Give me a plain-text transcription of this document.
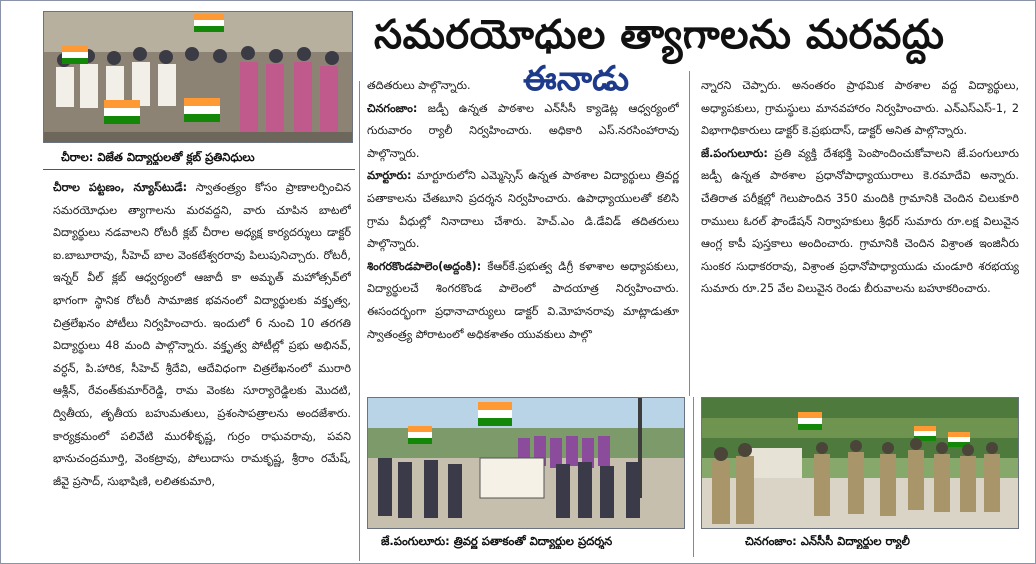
చీరాల: విజేత విద్యార్థులతో క్లబ్ ప్రతినిధులు
సమరయోధుల త్యాగాలను మరవద్దు
ఈనాడు

చీరాల పట్టణం, న్యూస్‌టుడే: స్వాతంత్ర్యం కోసం ప్రాణాలర్పించిన సమరయోధుల త్యాగాలను మరవద్దని, వారు చూపిన బాటలో విద్యార్థులు నడవాలని రోటరీ క్లబ్ చీరాల అధ్యక్ష కార్యదర్శులు డాక్టర్ ఐ.బాబూరావు, సీహెచ్ బాల వెంకటేశ్వరరావు పిలుపునిచ్చారు. రోటరీ, ఇన్నర్ వీల్ క్లబ్ ఆధ్వర్యంలో ఆజాదీ కా అమృత్ మహోత్సవ్‌లో భాగంగా స్థానిక రోటరీ సామాజిక భవనంలో విద్యార్థులకు వక్తృత్వ, చిత్రలేఖనం పోటీలు నిర్వహించారు. ఇందులో 6 నుంచి 10 తరగతి విద్యార్థులు 48 మంది పాల్గొన్నారు. వక్తృత్వ పోటీల్లో ప్రభు అభినవ్, వర్ధన్, పి.హారిక, సీహెచ్ శ్రీదేవి, ఆదేవిధంగా చిత్రలేఖనంలో మురారి ఆశ్లీన్, రేవంత్‌కుమార్‌రెడ్డి, రామ వెంకట సూర్యారెడ్డిలకు మొదటి, ద్వితీయ, తృతీయ బహుమతులు, ప్రశంసాపత్రాలను అందజేశారు. కార్యక్రమంలో పలివేటి మురళీకృష్ణ, గుర్రం రాఘవరావు, పవని భానుచంద్రమూర్తి, వెంకట్రావు, పోలుదాసు రామకృష్ణ, శ్రీరాం రమేష్, జీవై ప్రసాద్, సుభాషిణి, లలితకుమారి,

తదితరులు పాల్గొన్నారు.

చినగంజాం: జడ్పీ ఉన్నత పాఠశాల ఎన్‌సీసీ క్యాడెట్ల ఆధ్వర్యంలో గురువారం ర్యాలీ నిర్వహించారు. అధికారి ఎస్.నరసింహారావు పాల్గొన్నారు.

మార్టూరు: మార్టూరులోని ఎమ్మెస్సెస్ ఉన్నత పాఠశాల విద్యార్థులు త్రివర్ణ పతాకాలను చేతబూని ప్రదర్శన నిర్వహించారు. ఉపాధ్యాయులతో కలిసి గ్రామ వీధుల్లో నినాదాలు చేశారు. హెచ్.ఎం డి.డేవిడ్ తదితరులు పాల్గొన్నారు.

శింగరకొండపాలెం(అద్దంకి): కేఆర్‌కే.ప్రభుత్వ డిగ్రీ కళాశాల అధ్యాపకులు, విద్యార్థులచే శింగరకొండ పాలెంలో పాదయాత్ర నిర్వహించారు. ఈసందర్భంగా ప్రధానాచార్యులు డాక్టర్ వి.మోహనరావు మాట్లాడుతూ స్వాతంత్ర్య పోరాటంలో అధికశాతం యువకులు పాల్గొ

న్నారని చెప్పారు. అనంతరం ప్రాథమిక పాఠశాల వద్ద విద్యార్థులు, అధ్యాపకులు, గ్రామస్థులు మానవహారం నిర్వహించారు. ఎన్ఎస్ఎస్-1, 2 విభాగాధికారులు డాక్టర్ కె.ప్రభుదాస్, డాక్టర్ అనిత పాల్గొన్నారు.

జే.పంగులూరు: ప్రతి వ్యక్తి దేశభక్తి పెంపొందించుకోవాలని జే.పంగులూరు జడ్పీ ఉన్నత పాఠశాల ప్రధానోపాధ్యాయురాలు కె.రమాదేవి అన్నారు. చేతిరాత పరీక్షల్లో గెలుపొందిన 350 మందికి గ్రామానికి చెందిన చిలుకూరి రాములు ఓరల్ ఫౌండేషన్ నిర్వాహకులు శ్రీధర్ సుమారు రూ.లక్ష విలువైన ఆంగ్ల కాపీ పుస్తకాలు అందించారు. గ్రామానికి చెందిన విశ్రాంత ఇంజినీరు సుంకర సుధాకరరావు, విశ్రాంత ప్రధానోపాధ్యాయుడు చుండూరి శరభయ్య సుమారు రూ.25 వేల విలువైన రెండు బీరువాలను బహూకరించారు.

జే.పంగులూరు: త్రివర్ణ పతాకంతో విద్యార్థుల ప్రదర్శన	చినగంజాం: ఎన్‌సీసీ విద్యార్థుల ర్యాలీ
